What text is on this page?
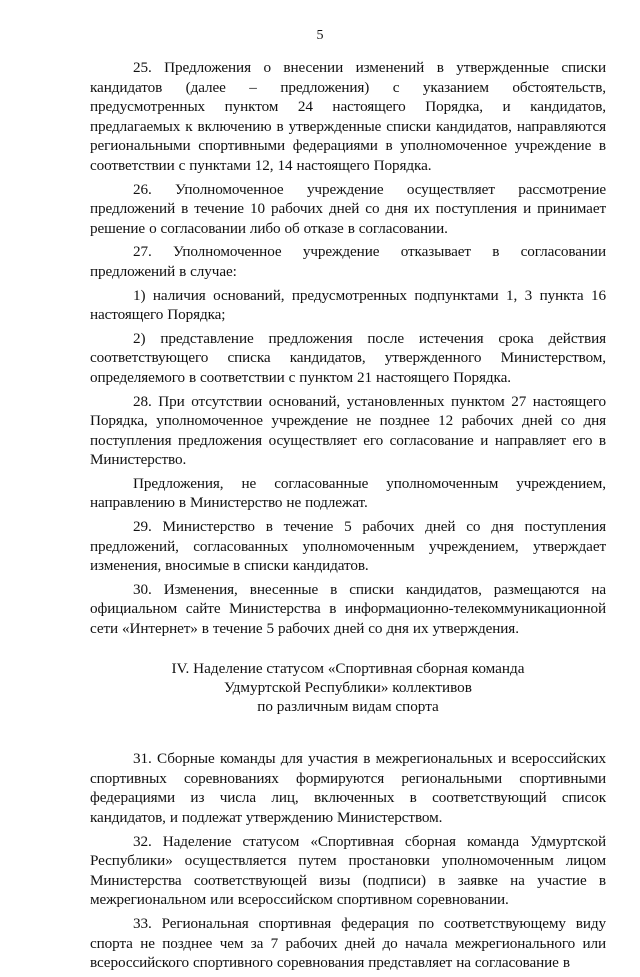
5

25. Предложения о внесении изменений в утвержденные списки кандидатов (далее – предложения) с указанием обстоятельств, предусмотренных пунктом 24 настоящего Порядка, и кандидатов, предлагаемых к включению в утвержденные списки кандидатов, направляются региональными спортивными федерациями в уполномоченное учреждение в соответствии с пунктами 12, 14 настоящего Порядка.

26. Уполномоченное учреждение осуществляет рассмотрение предложений в течение 10 рабочих дней со дня их поступления и принимает решение о согласовании либо об отказе в согласовании.

27. Уполномоченное учреждение отказывает в согласовании предложений в случае:

1) наличия оснований, предусмотренных подпунктами 1, 3 пункта 16 настоящего Порядка;

2) представление предложения после истечения срока действия соответствующего списка кандидатов, утвержденного Министерством, определяемого в соответствии с пунктом 21 настоящего Порядка.

28. При отсутствии оснований, установленных пунктом 27 настоящего Порядка, уполномоченное учреждение не позднее 12 рабочих дней со дня поступления предложения осуществляет его согласование и направляет его в Министерство.

Предложения, не согласованные уполномоченным учреждением, направлению в Министерство не подлежат.

29. Министерство в течение 5 рабочих дней со дня поступления предложений, согласованных уполномоченным учреждением, утверждает изменения, вносимые в списки кандидатов.

30. Изменения, внесенные в списки кандидатов, размещаются на официальном сайте Министерства в информационно-телекоммуникационной сети «Интернет» в течение 5 рабочих дней со дня их утверждения.

IV. Наделение статусом «Спортивная сборная команда
Удмуртской Республики» коллективов
по различным видам спорта

31. Сборные команды для участия в межрегиональных и всероссийских спортивных соревнованиях формируются региональными спортивными федерациями из числа лиц, включенных в соответствующий список кандидатов, и подлежат утверждению Министерством.

32. Наделение статусом «Спортивная сборная команда Удмуртской Республики» осуществляется путем простановки уполномоченным лицом Министерства соответствующей визы (подписи) в заявке на участие в межрегиональном или всероссийском спортивном соревновании.

33. Региональная спортивная федерация по соответствующему виду спорта не позднее чем за 7 рабочих дней до начала межрегионального или всероссийского спортивного соревнования представляет на согласование в
